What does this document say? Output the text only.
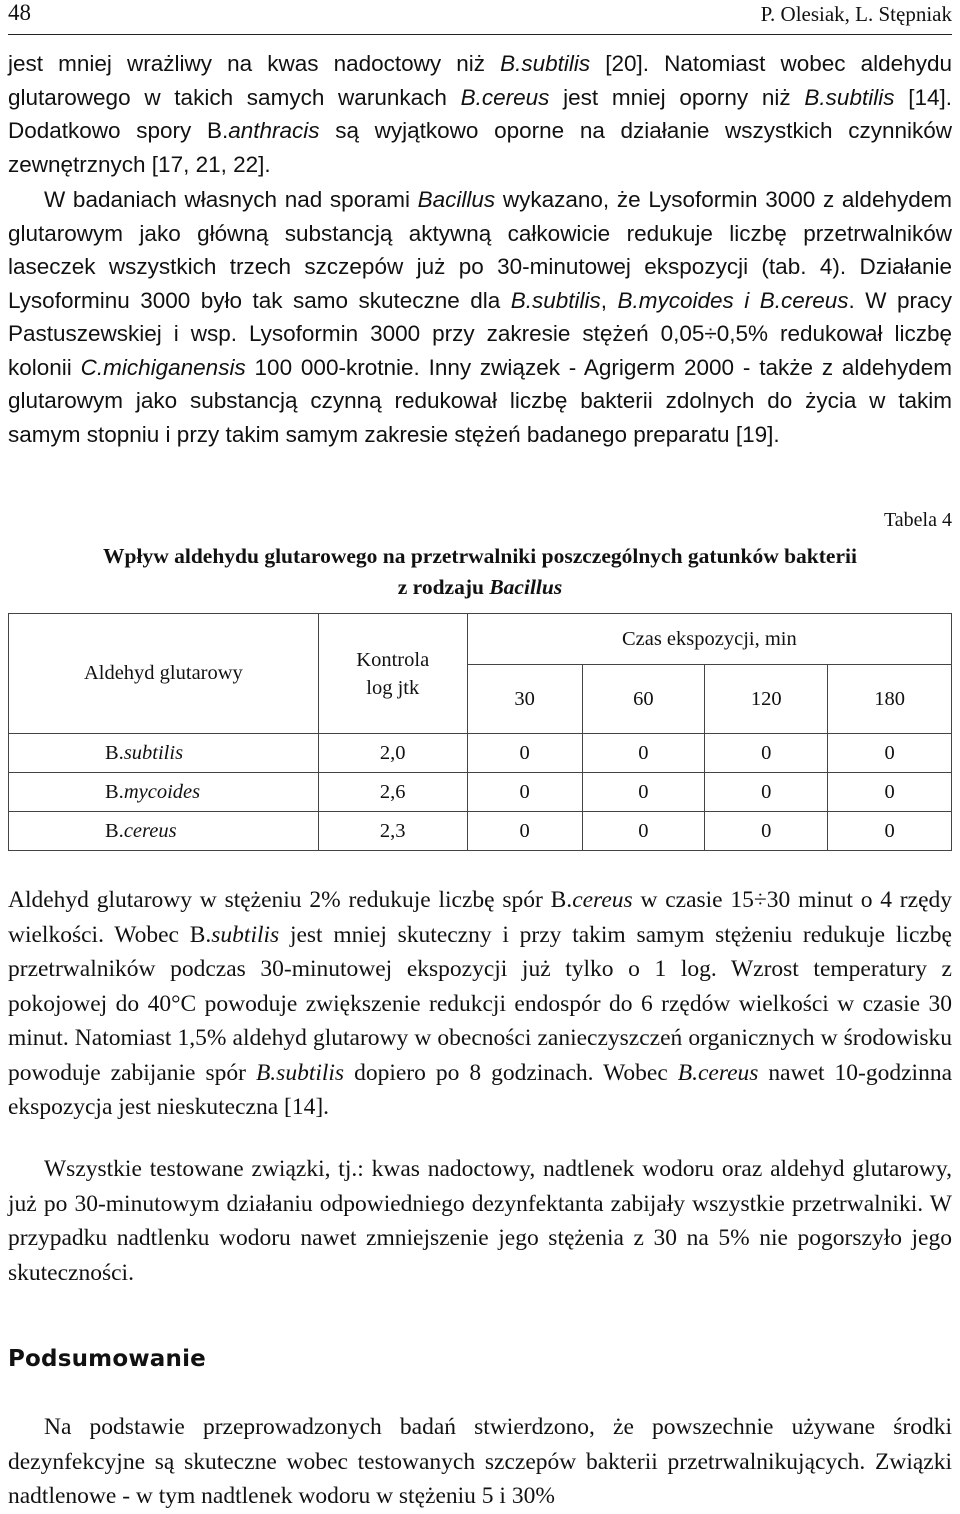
48	P. Olesiak, L. Stępniak

jest mniej wrażliwy na kwas nadoctowy niż B.subtilis [20]. Natomiast wobec aldehydu glutarowego w takich samych warunkach B.cereus jest mniej oporny niż B.subtilis [14]. Dodatkowo spory B.anthracis są wyjątkowo oporne na działanie wszystkich czynników zewnętrznych [17, 21, 22].

W badaniach własnych nad sporami Bacillus wykazano, że Lysoformin 3000 z aldehydem glutarowym jako główną substancją aktywną całkowicie redukuje liczbę przetrwalników laseczek wszystkich trzech szczepów już po 30-minutowej ekspozycji (tab. 4). Działanie Lysoforminu 3000 było tak samo skuteczne dla B.subtilis, B.mycoides i B.cereus. W pracy Pastuszewskiej i wsp. Lysoformin 3000 przy zakresie stężeń 0,05÷0,5% redukował liczbę kolonii C.michiganensis 100 000-krotnie. Inny związek - Agrigerm 2000 - także z aldehydem glutarowym jako substancją czynną redukował liczbę bakterii zdolnych do życia w takim samym stopniu i przy takim samym zakresie stężeń badanego preparatu [19].

Tabela 4
Wpływ aldehydu glutarowego na przetrwalniki poszczególnych gatunków bakterii
z rodzaju Bacillus
Aldehyd glutarowy	Kontrola log jtk	Czas ekspozycji, min			
		30	60	120	180
B.subtilis	2,0	0	0	0	0
B.mycoides	2,6	0	0	0	0
B.cereus	2,3	0	0	0	0

Aldehyd glutarowy w stężeniu 2% redukuje liczbę spór B.cereus w czasie 15÷30 minut o 4 rzędy wielkości. Wobec B.subtilis jest mniej skuteczny i przy takim samym stężeniu redukuje liczbę przetrwalników podczas 30-minutowej ekspozycji już tylko o 1 log. Wzrost temperatury z pokojowej do 40°C powoduje zwiększenie redukcji endospór do 6 rzędów wielkości w czasie 30 minut. Natomiast 1,5% aldehyd glutarowy w obecności zanieczyszczeń organicznych w środowisku powoduje zabijanie spór B.subtilis dopiero po 8 godzinach. Wobec B.cereus nawet 10-godzinna ekspozycja jest nieskuteczna [14].

Wszystkie testowane związki, tj.: kwas nadoctowy, nadtlenek wodoru oraz aldehyd glutarowy, już po 30-minutowym działaniu odpowiedniego dezynfektanta zabijały wszystkie przetrwalniki. W przypadku nadtlenku wodoru nawet zmniejszenie jego stężenia z 30 na 5% nie pogorszyło jego skuteczności.

Podsumowanie

Na podstawie przeprowadzonych badań stwierdzono, że powszechnie używane środki dezynfekcyjne są skuteczne wobec testowanych szczepów bakterii przetrwalnikujących. Związki nadtlenowe - w tym nadtlenek wodoru w stężeniu 5 i 30%
